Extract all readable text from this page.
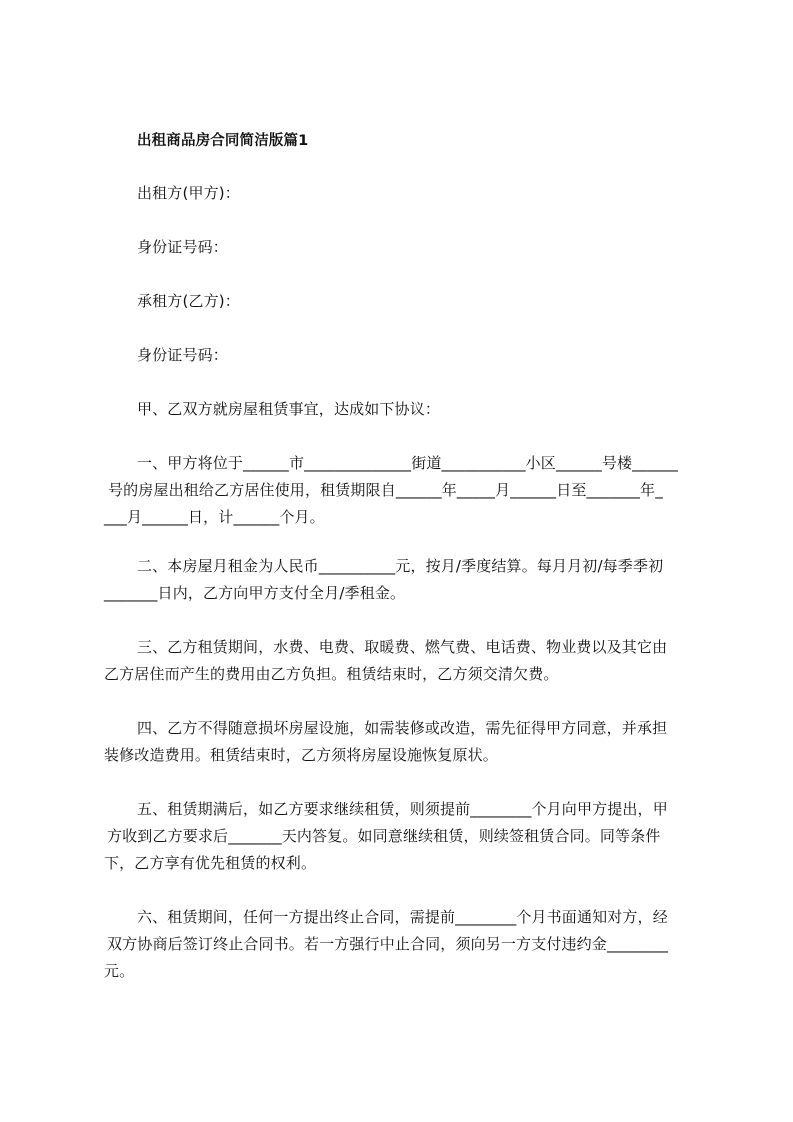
出租商品房合同简洁版篇1

出租方(甲方)：

身份证号码：

承租方(乙方)：

身份证号码：

甲、乙双方就房屋租赁事宜，达成如下协议：

一、甲方将位于______市______________街道___________小区______号楼______

号的房屋出租给乙方居住使用，租赁期限自______年_____月______日至_______年_

___月______日，计______个月。

二、本房屋月租金为人民币__________元，按月/季度结算。每月月初/每季季初

_______日内，乙方向甲方支付全月/季租金。

三、乙方租赁期间，水费、电费、取暖费、燃气费、电话费、物业费以及其它由

乙方居住而产生的费用由乙方负担。租赁结束时，乙方须交清欠费。

四、乙方不得随意损坏房屋设施，如需装修或改造，需先征得甲方同意，并承担

装修改造费用。租赁结束时，乙方须将房屋设施恢复原状。

五、租赁期满后，如乙方要求继续租赁，则须提前________个月向甲方提出，甲

方收到乙方要求后_______天内答复。如同意继续租赁，则续签租赁合同。同等条件

下，乙方享有优先租赁的权利。

六、租赁期间，任何一方提出终止合同，需提前________个月书面通知对方，经

双方协商后签订终止合同书。若一方强行中止合同，须向另一方支付违约金________

元。
